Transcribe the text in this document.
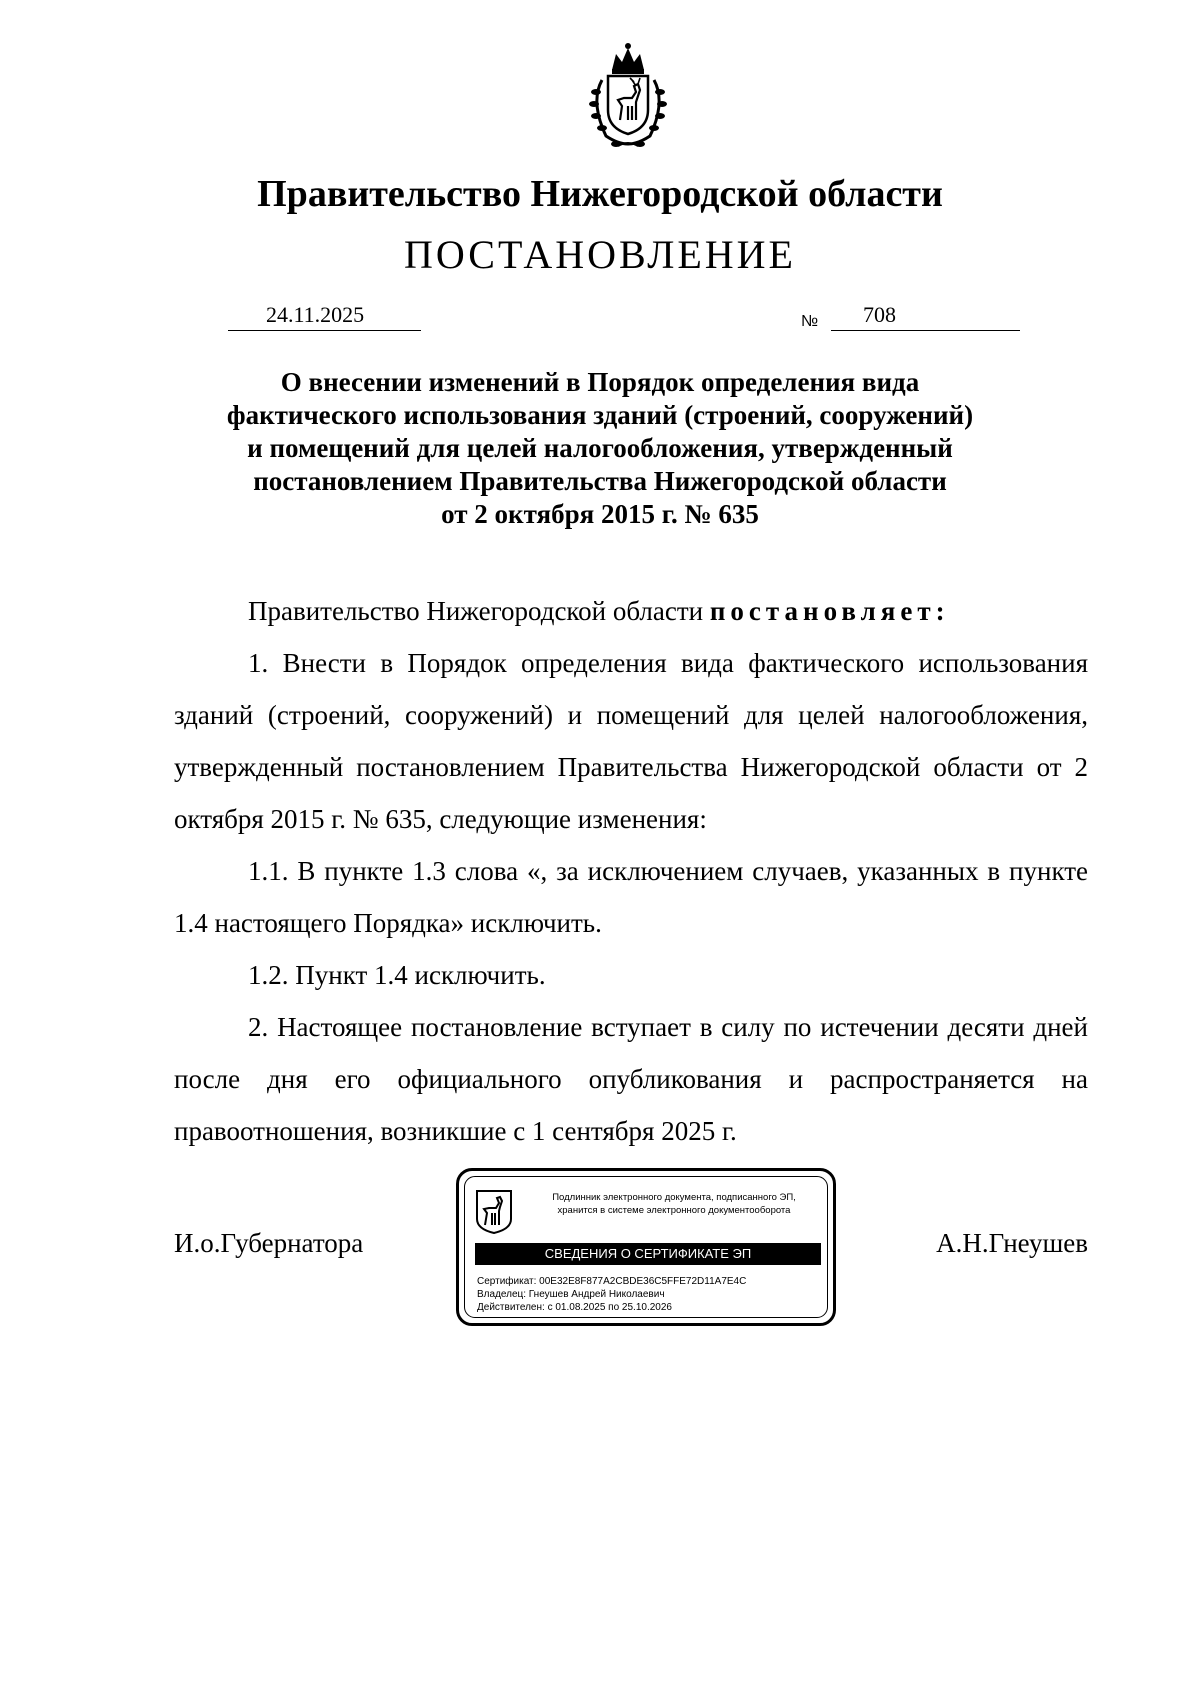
Правительство Нижегородской области
ПОСТАНОВЛЕНИЕ
24.11.2025	№ 708
О внесении изменений в Порядок определения вида
фактического использования зданий (строений, сооружений)
и помещений для целей налогообложения, утвержденный
постановлением Правительства Нижегородской области
от 2 октября 2015 г. № 635

Правительство Нижегородской области постановляет:

1. Внести в Порядок определения вида фактического использования зданий (строений, сооружений) и помещений для целей налогообложения, утвержденный постановлением Правительства Нижегородской области от 2 октября 2015 г. № 635, следующие изменения:

1.1. В пункте 1.3 слова «, за исключением случаев, указанных в пункте 1.4 настоящего Порядка» исключить.

1.2. Пункт 1.4 исключить.

2. Настоящее постановление вступает в силу по истечении десяти дней после дня его официального опубликования и распространяется на правоотношения, возникшие с 1 сентября 2025 г.

И.о.Губернатора	А.Н.Гнеушев
Подлинник электронного документа, подписанного ЭП,
хранится в системе электронного документооборота
СВЕДЕНИЯ О СЕРТИФИКАТЕ ЭП
Сертификат: 00E32E8F877A2CBDE36C5FFE72D11A7E4C
Владелец: Гнеушев Андрей Николаевич
Действителен: с 01.08.2025 по 25.10.2026
